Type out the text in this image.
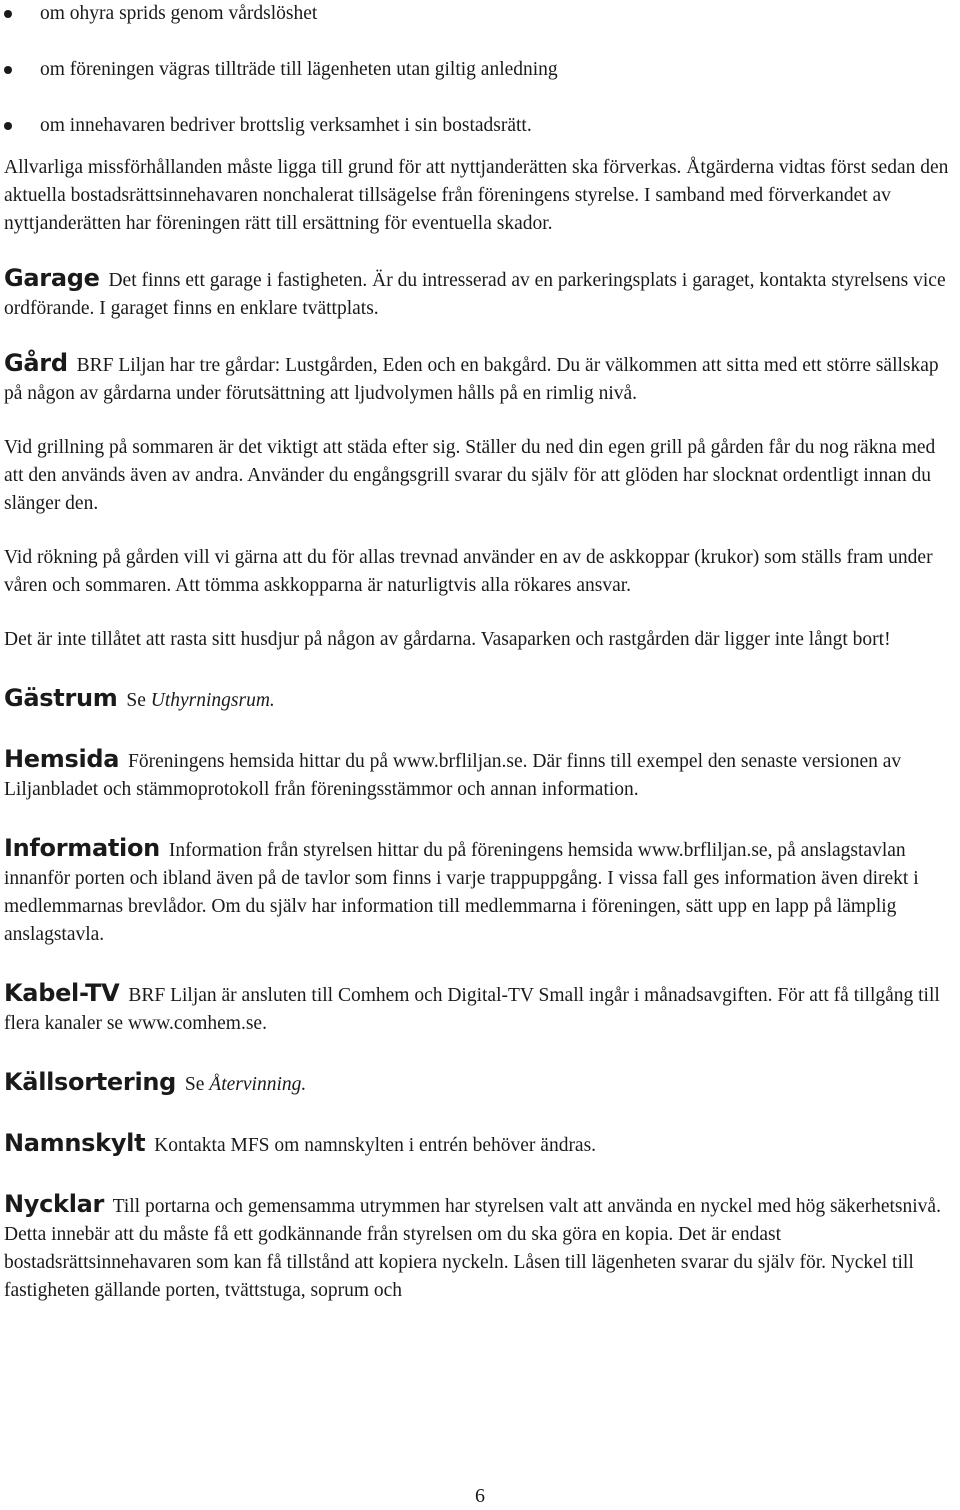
om ohyra sprids genom vårdslöshet
om föreningen vägras tillträde till lägenheten utan giltig anledning
om innehavaren bedriver brottslig verksamhet i sin bostadsrätt.

Allvarliga missförhållanden måste ligga till grund för att nyttjanderätten ska förverkas. Åtgärderna vidtas först sedan den aktuella bostadsrättsinnehavaren nonchalerat tillsägelse från föreningens styrelse. I samband med förverkandet av nyttjanderätten har föreningen rätt till ersättning för eventuella skador.

Garage Det finns ett garage i fastigheten. Är du intresserad av en parkeringsplats i garaget, kontakta styrelsens vice ordförande. I garaget finns en enklare tvättplats.

Gård BRF Liljan har tre gårdar: Lustgården, Eden och en bakgård. Du är välkommen att sitta med ett större sällskap på någon av gårdarna under förutsättning att ljudvolymen hålls på en rimlig nivå.

Vid grillning på sommaren är det viktigt att städa efter sig. Ställer du ned din egen grill på gården får du nog räkna med att den används även av andra. Använder du engångsgrill svarar du själv för att glöden har slocknat ordentligt innan du slänger den.

Vid rökning på gården vill vi gärna att du för allas trevnad använder en av de askkoppar (krukor) som ställs fram under våren och sommaren. Att tömma askkopparna är naturligtvis alla rökares ansvar.

Det är inte tillåtet att rasta sitt husdjur på någon av gårdarna. Vasaparken och rastgården där ligger inte långt bort!

Gästrum Se Uthyrningsrum.

Hemsida Föreningens hemsida hittar du på www.brfliljan.se. Där finns till exempel den senaste versionen av Liljanbladet och stämmoprotokoll från föreningsstämmor och annan information.

Information Information från styrelsen hittar du på föreningens hemsida www.brfliljan.se, på anslagstavlan innanför porten och ibland även på de tavlor som finns i varje trappuppgång. I vissa fall ges information även direkt i medlemmarnas brevlådor. Om du själv har information till medlemmarna i föreningen, sätt upp en lapp på lämplig anslagstavla.

Kabel-TV BRF Liljan är ansluten till Comhem och Digital-TV Small ingår i månadsavgiften. För att få tillgång till flera kanaler se www.comhem.se.

Källsortering Se Återvinning.

Namnskylt Kontakta MFS om namnskylten i entrén behöver ändras.

Nycklar Till portarna och gemensamma utrymmen har styrelsen valt att använda en nyckel med hög säkerhetsnivå. Detta innebär att du måste få ett godkännande från styrelsen om du ska göra en kopia. Det är endast bostadsrättsinnehavaren som kan få tillstånd att kopiera nyckeln. Låsen till lägenheten svarar du själv för. Nyckel till fastigheten gällande porten, tvättstuga, soprum och

6
